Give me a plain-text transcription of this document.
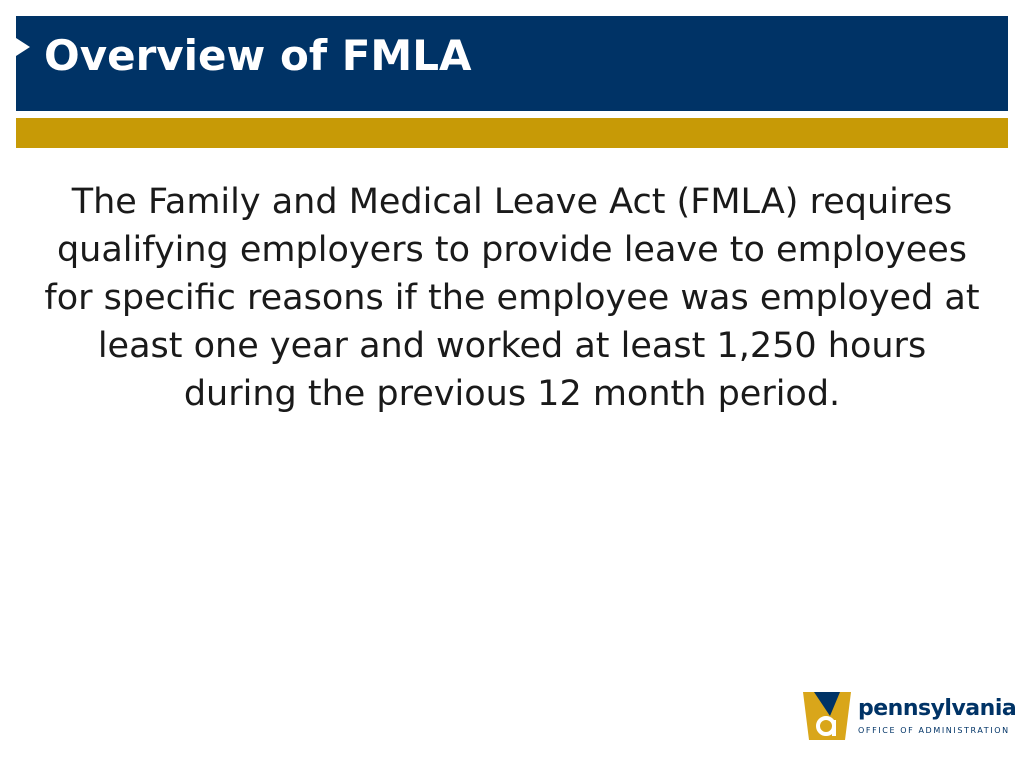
Overview of FMLA

The Family and Medical Leave Act (FMLA) requires qualifying employers to provide leave to employees for specific reasons if the employee was employed at least one year and worked at least 1,250 hours during the previous 12 month period.

pennsylvania
OFFICE OF ADMINISTRATION
